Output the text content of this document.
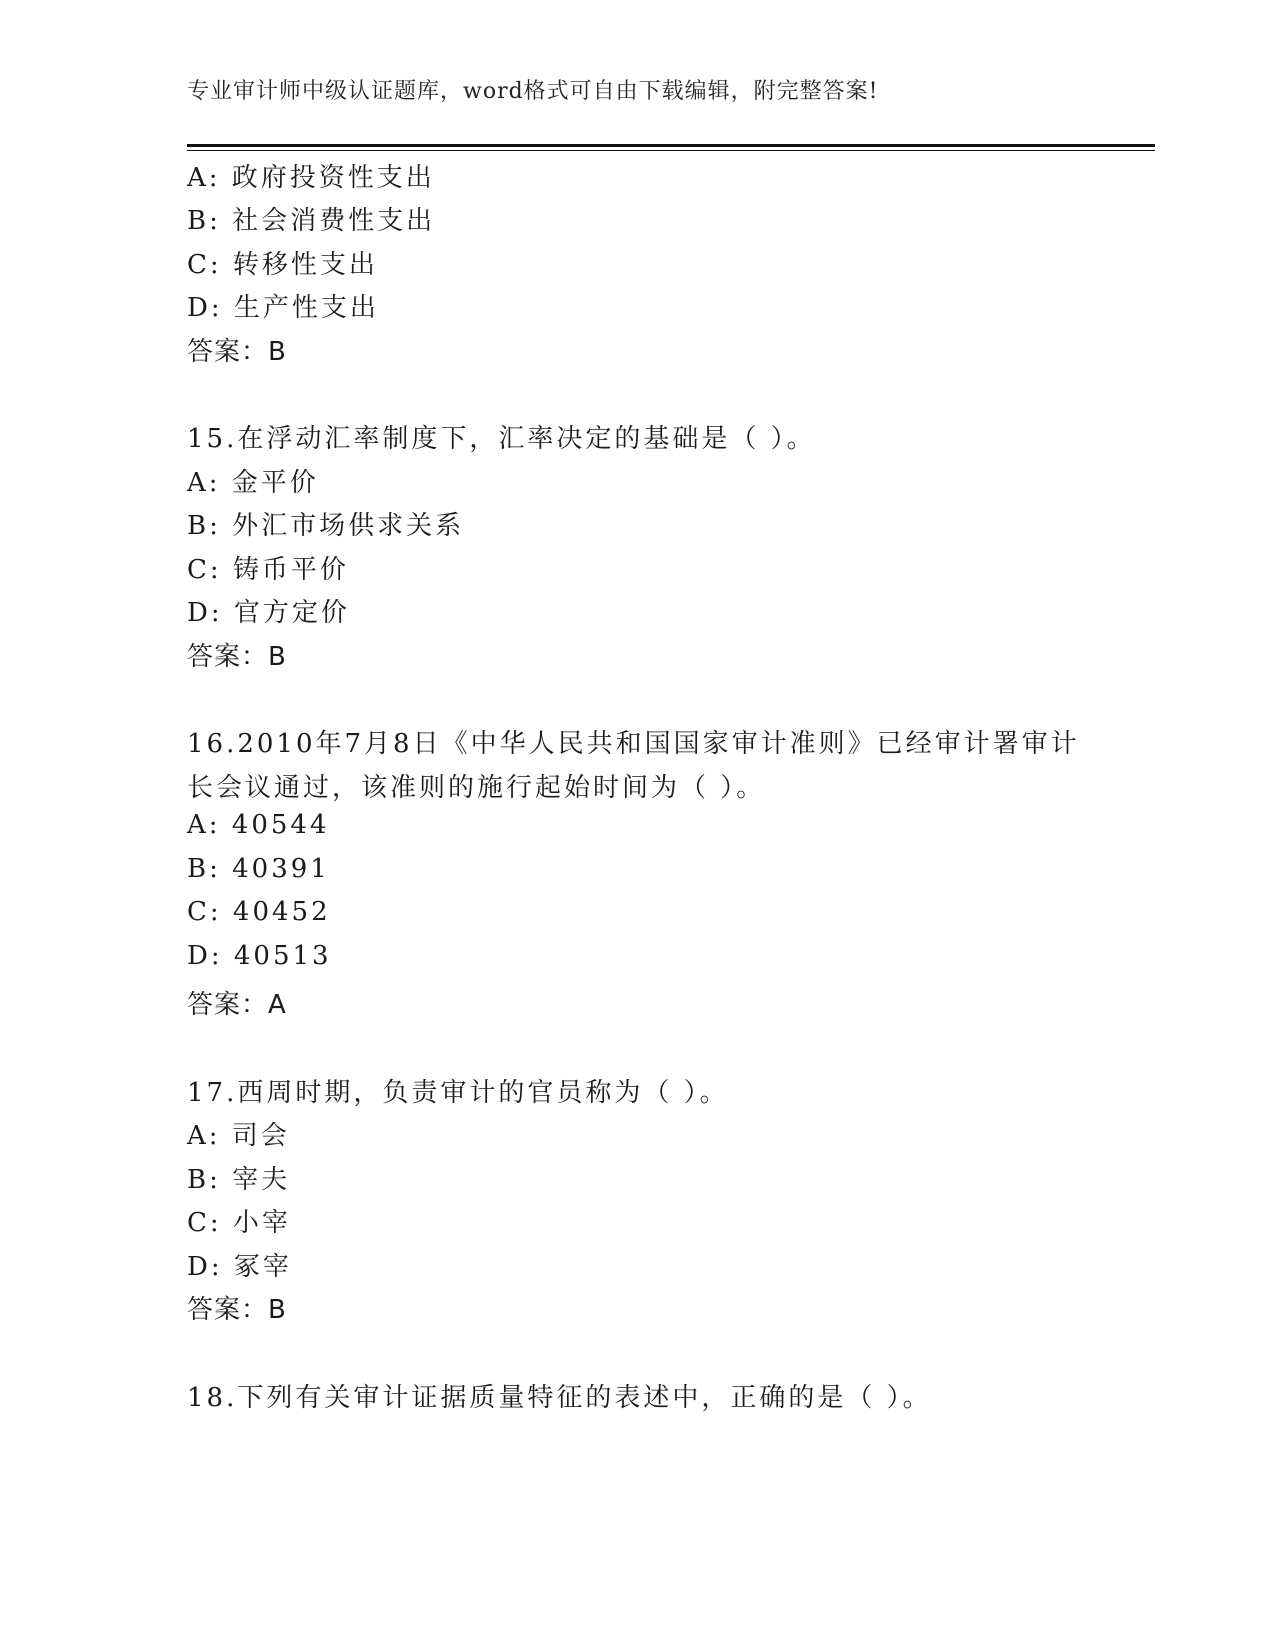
专业审计师中级认证题库，word格式可自由下载编辑，附完整答案!
A: 政府投资性支出
B: 社会消费性支出
C: 转移性支出
D: 生产性支出
答案：B
15.在浮动汇率制度下，汇率决定的基础是（ ）。
A: 金平价
B: 外汇市场供求关系
C: 铸币平价
D: 官方定价
答案：B
16.2010年7月8日《中华人民共和国国家审计准则》已经审计署审计
长会议通过，该准则的施行起始时间为（ ）。
A: 40544
B: 40391
C: 40452
D: 40513
答案：A
17.西周时期，负责审计的官员称为（ ）。
A: 司会
B: 宰夫
C: 小宰
D: 冢宰
答案：B
18.下列有关审计证据质量特征的表述中，正确的是（ ）。
